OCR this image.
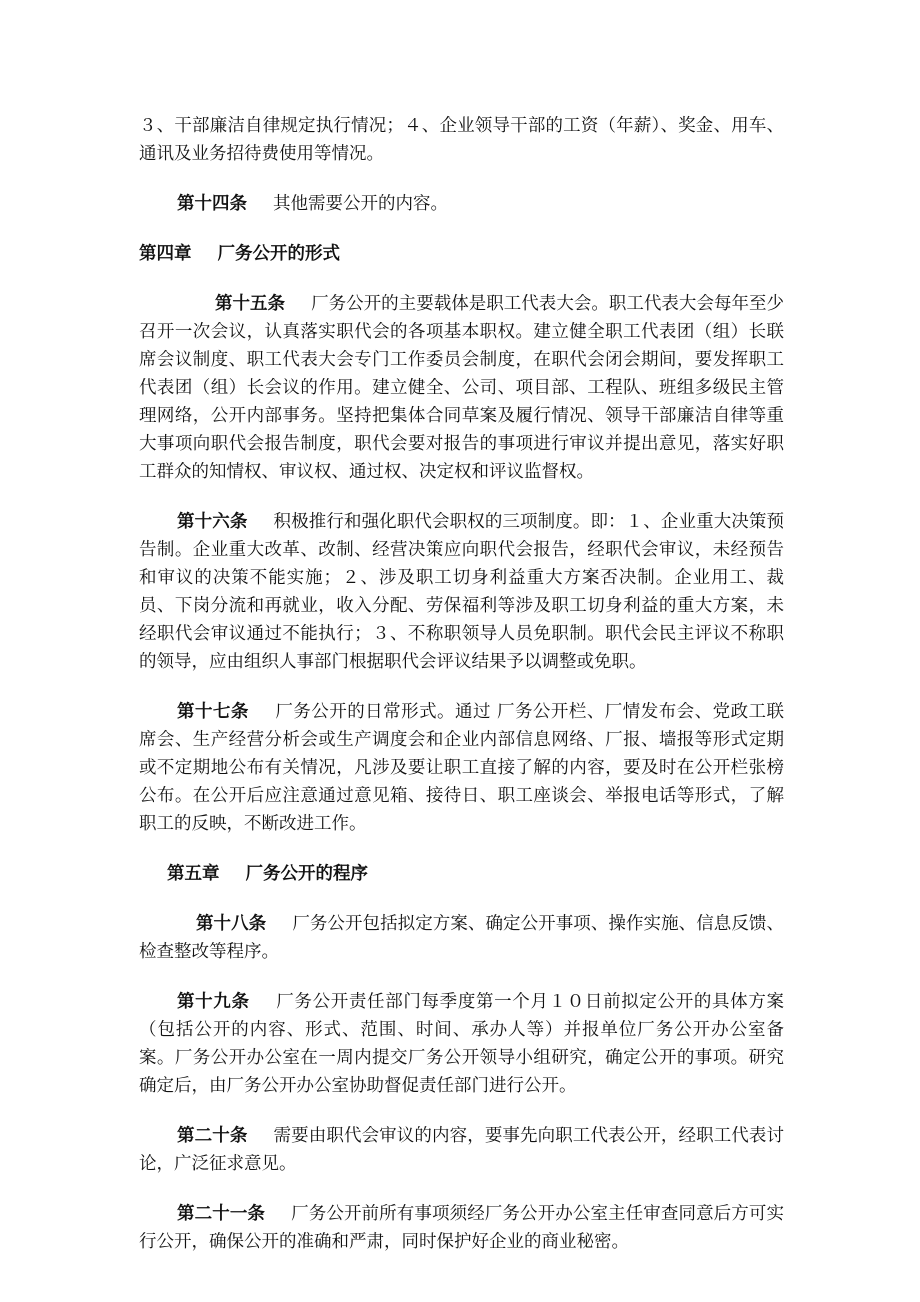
３、干部廉洁自律规定执行情况；４、企业领导干部的工资（年薪）、奖金、用车、通讯及业务招待费使用等情况。

第十四条 其他需要公开的内容。

第四章 厂务公开的形式

第十五条 厂务公开的主要载体是职工代表大会。职工代表大会每年至少召开一次会议，认真落实职代会的各项基本职权。建立健全职工代表团（组）长联席会议制度、职工代表大会专门工作委员会制度，在职代会闭会期间，要发挥职工代表团（组）长会议的作用。建立健全、公司、项目部、工程队、班组多级民主管理网络，公开内部事务。坚持把集体合同草案及履行情况、领导干部廉洁自律等重大事项向职代会报告制度，职代会要对报告的事项进行审议并提出意见，落实好职工群众的知情权、审议权、通过权、决定权和评议监督权。

第十六条 积极推行和强化职代会职权的三项制度。即：１、企业重大决策预告制。企业重大改革、改制、经营决策应向职代会报告，经职代会审议，未经预告和审议的决策不能实施；２、涉及职工切身利益重大方案否决制。企业用工、裁员、下岗分流和再就业，收入分配、劳保福利等涉及职工切身利益的重大方案，未经职代会审议通过不能执行；３、不称职领导人员免职制。职代会民主评议不称职的领导，应由组织人事部门根据职代会评议结果予以调整或免职。

第十七条 厂务公开的日常形式。通过 厂务公开栏、厂情发布会、党政工联席会、生产经营分析会或生产调度会和企业内部信息网络、厂报、墙报等形式定期或不定期地公布有关情况，凡涉及要让职工直接了解的内容，要及时在公开栏张榜公布。在公开后应注意通过意见箱、接待日、职工座谈会、举报电话等形式，了解职工的反映，不断改进工作。

第五章 厂务公开的程序

第十八条 厂务公开包括拟定方案、确定公开事项、操作实施、信息反馈、检查整改等程序。

第十九条 厂务公开责任部门每季度第一个月１０日前拟定公开的具体方案（包括公开的内容、形式、范围、时间、承办人等）并报单位厂务公开办公室备案。厂务公开办公室在一周内提交厂务公开领导小组研究，确定公开的事项。研究确定后，由厂务公开办公室协助督促责任部门进行公开。

第二十条 需要由职代会审议的内容，要事先向职工代表公开，经职工代表讨论，广泛征求意见。

第二十一条 厂务公开前所有事项须经厂务公开办公室主任审查同意后方可实行公开，确保公开的准确和严肃，同时保护好企业的商业秘密。
